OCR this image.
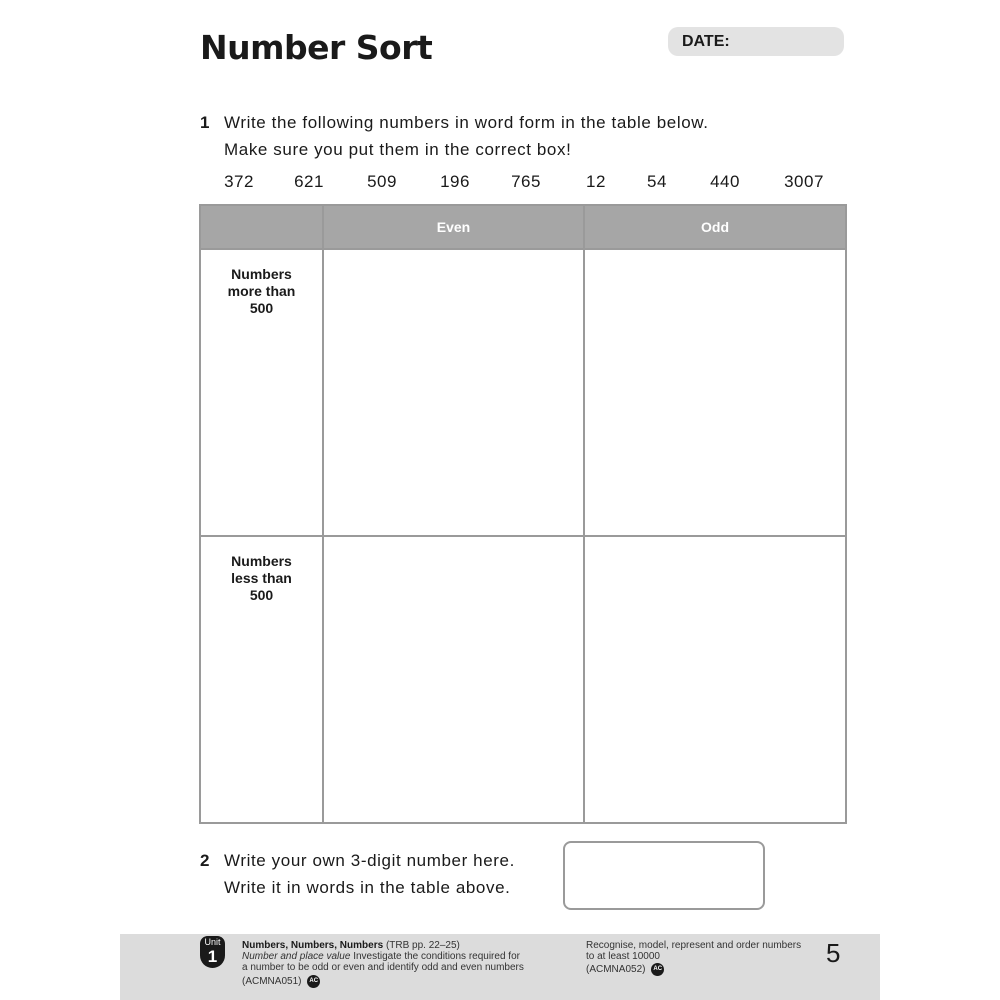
Number Sort	DATE:
1 Write the following numbers in word form in the table below.
Make sure you put them in the correct box!
372 621	509	196 765	12 54	440	3007
	Even	Odd

Numbers
more than
500		

Numbers
less than
500		

2 Write your own 3-digit number here.
Write it in words in the table above.
Unit
1
Numbers, Numbers, Numbers (TRB pp. 22–25)
Number and place value Investigate the conditions required for
a number to be odd or even and identify odd and even numbers
(ACMNA051) AC
Recognise, model, represent and order numbers
to at least 10000
(ACMNA052) AC
5
